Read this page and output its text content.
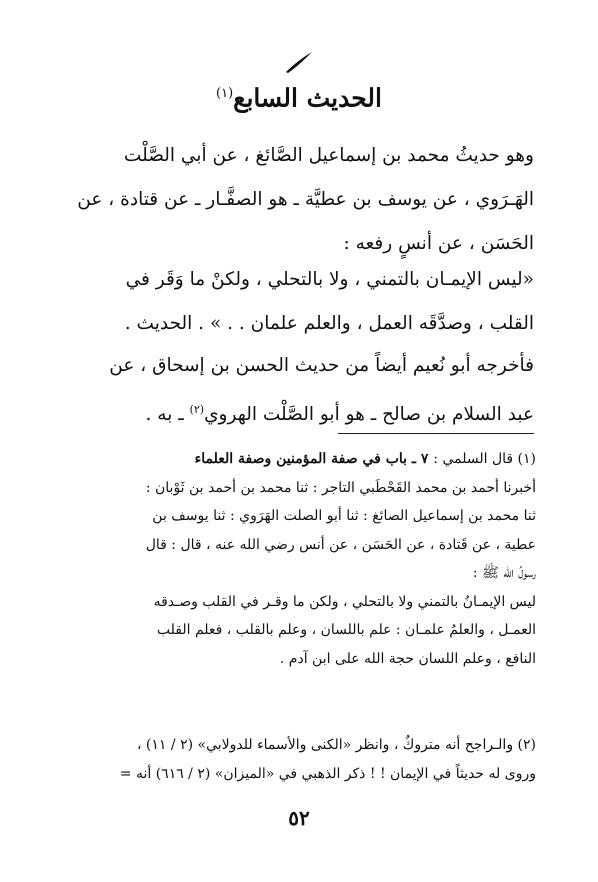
الحديث السابع$^{(١)}$
وهو حديثُ محمد بن إسماعيل الصَّائغ ، عن أبي الصَّلْت
الهَـرَوي ، عن يوسف بن عطيَّة ـ هو الصفَّـار ـ عن قتادة ، عن
الحَسَن ، عن أنسٍ رفعه :
«ليس الإيمـان بالتمني ، ولا بالتحلي ، ولكنْ ما وَقَر في
القلب ، وصدَّقَه العمل ، والعلم علمان . . » . الحديث .
فأخرجه أبو نُعيم أيضاً من حديث الحسن بن إسحاق ، عن
عبد السلام بن صالح ـ هو أبو الصَّلْت الهروي$^{(٢)}$ ـ به .
(١) قال السلمي : ٧ ـ باب في صفة المؤمنين وصفة العلماء
أخبرنا أحمد بن محمد القَحْطَبي التاجر : ثنا محمد بن أحمد بن ثَوْبان :
ثنا محمد بن إسماعيل الصائغ : ثنا أبو الصلت الهَرَوي : ثنا يوسف بن
عطية ، عن قَتادة ، عن الحَسَن ، عن أنس رضي الله عنه ، قال : قال
رسولُ الله ﷺ :
ليس الإيمـانُ بالتمني ولا بالتحلي ، ولكن ما وقـر في القلب وصـدقه
العمـل ، والعلمُ علمـان : علم باللسان ، وعلم بالقلب ، فعلم القلب
النافع ، وعلم اللسان حجة الله على ابن آدم .
(٢) والـراجح أنه متروكٌ ، وانظر «الكنى والأسماء للدولابي» (٢ / ١١) ،
وروى له حديثاً في الإيمان ! ! ذكر الذهبي في «الميزان» (٢ / ٦١٦) أنه =
٥٢
